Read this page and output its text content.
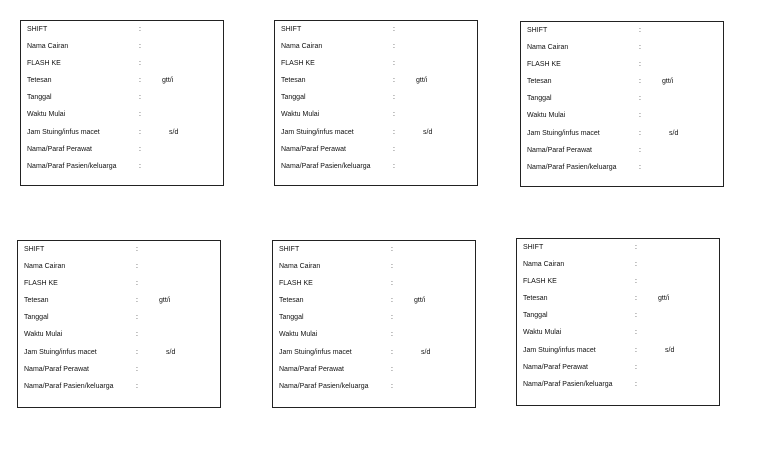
SHIFT	:
Nama Cairan	:
FLASH KE	:
Tetesan	:	gtt/i
Tanggal	:
Waktu Mulai	:
Jam Stuing/infus macet	:	s/d
Nama/Paraf Perawat	:
Nama/Paraf Pasien/keluarga	:
SHIFT	:
Nama Cairan	:
FLASH KE	:
Tetesan	:	gtt/i
Tanggal	:
Waktu Mulai	:
Jam Stuing/infus macet	:	s/d
Nama/Paraf Perawat	:
Nama/Paraf Pasien/keluarga	:
SHIFT	:
Nama Cairan	:
FLASH KE	:
Tetesan	:	gtt/i
Tanggal	:
Waktu Mulai	:
Jam Stuing/infus macet	:	s/d
Nama/Paraf Perawat	:
Nama/Paraf Pasien/keluarga	:
SHIFT	:
Nama Cairan	:
FLASH KE	:
Tetesan	:	gtt/i
Tanggal	:
Waktu Mulai	:
Jam Stuing/infus macet	:	s/d
Nama/Paraf Perawat	:
Nama/Paraf Pasien/keluarga	:
SHIFT	:
Nama Cairan	:
FLASH KE	:
Tetesan	:	gtt/i
Tanggal	:
Waktu Mulai	:
Jam Stuing/infus macet	:	s/d
Nama/Paraf Perawat	:
Nama/Paraf Pasien/keluarga	:
SHIFT	:
Nama Cairan	:
FLASH KE	:
Tetesan	:	gtt/i
Tanggal	:
Waktu Mulai	:
Jam Stuing/infus macet	:	s/d
Nama/Paraf Perawat	:
Nama/Paraf Pasien/keluarga	:
